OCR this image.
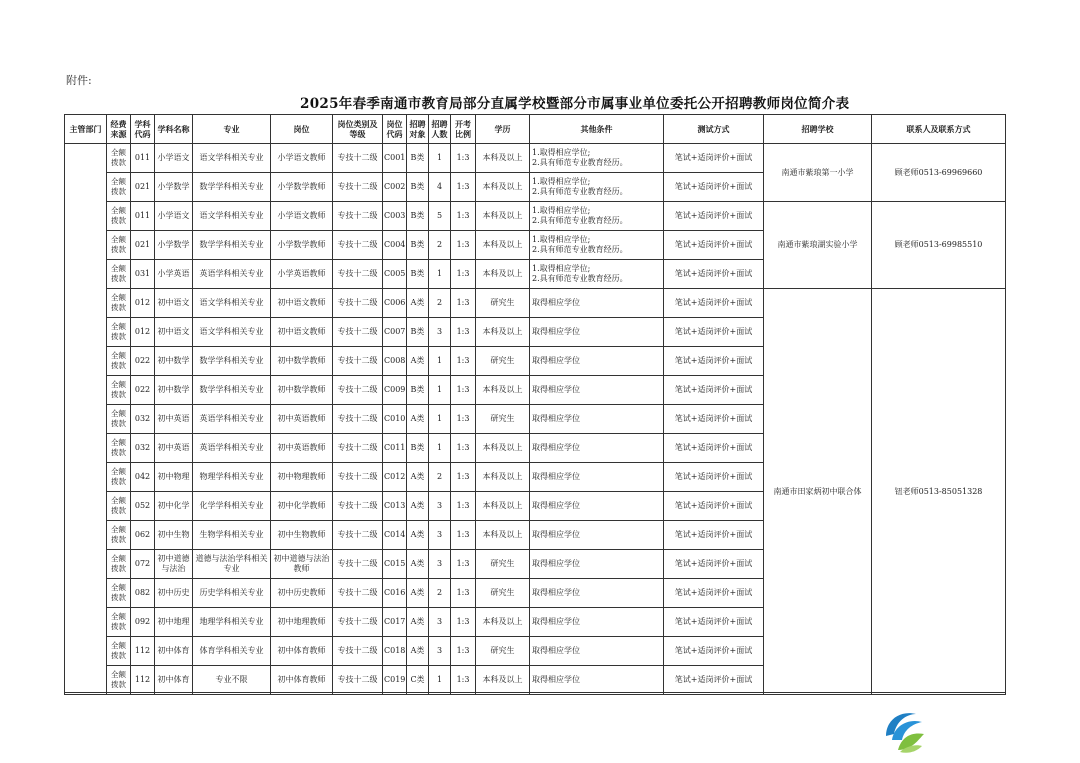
附件:
2025年春季南通市教育局部分直属学校暨部分市属事业单位委托公开招聘教师岗位简介表
主管部门	经费来源	学科代码	学科名称	专业	岗位	岗位类别及等级	岗位代码	招聘对象	招聘人数	开考比例	学历	其他条件	测试方式	招聘学校	联系人及联系方式
	全额拨款	011	小学语文	语文学科相关专业	小学语文教师	专技十二级	C001	B类	1	1:3	本科及以上	1.取得相应学位;
2.具有师范专业教育经历。	笔试+适岗评价+面试	南通市紫琅第一小学	顾老师0513-69969660
	全额拨款	021	小学数学	数学学科相关专业	小学数学教师	专技十二级	C002	B类	4	1:3	本科及以上	1.取得相应学位;
2.具有师范专业教育经历。	笔试+适岗评价+面试		
	全额拨款	011	小学语文	语文学科相关专业	小学语文教师	专技十二级	C003	B类	5	1:3	本科及以上	1.取得相应学位;
2.具有师范专业教育经历。	笔试+适岗评价+面试	南通市紫琅湖实验小学	顾老师0513-69985510
	全额拨款	021	小学数学	数学学科相关专业	小学数学教师	专技十二级	C004	B类	2	1:3	本科及以上	1.取得相应学位;
2.具有师范专业教育经历。	笔试+适岗评价+面试		
	全额拨款	031	小学英语	英语学科相关专业	小学英语教师	专技十二级	C005	B类	1	1:3	本科及以上	1.取得相应学位;
2.具有师范专业教育经历。	笔试+适岗评价+面试		
	全额拨款	012	初中语文	语文学科相关专业	初中语文教师	专技十二级	C006	A类	2	1:3	研究生	取得相应学位	笔试+适岗评价+面试	南通市田家炳初中联合体	钮老师0513-85051328
	全额拨款	012	初中语文	语文学科相关专业	初中语文教师	专技十二级	C007	B类	3	1:3	本科及以上	取得相应学位	笔试+适岗评价+面试		
	全额拨款	022	初中数学	数学学科相关专业	初中数学教师	专技十二级	C008	A类	1	1:3	研究生	取得相应学位	笔试+适岗评价+面试		
	全额拨款	022	初中数学	数学学科相关专业	初中数学教师	专技十二级	C009	B类	1	1:3	本科及以上	取得相应学位	笔试+适岗评价+面试		
	全额拨款	032	初中英语	英语学科相关专业	初中英语教师	专技十二级	C010	A类	1	1:3	研究生	取得相应学位	笔试+适岗评价+面试		
	全额拨款	032	初中英语	英语学科相关专业	初中英语教师	专技十二级	C011	B类	1	1:3	本科及以上	取得相应学位	笔试+适岗评价+面试		
	全额拨款	042	初中物理	物理学科相关专业	初中物理教师	专技十二级	C012	A类	2	1:3	本科及以上	取得相应学位	笔试+适岗评价+面试		
	全额拨款	052	初中化学	化学学科相关专业	初中化学教师	专技十二级	C013	A类	3	1:3	本科及以上	取得相应学位	笔试+适岗评价+面试		
	全额拨款	062	初中生物	生物学科相关专业	初中生物教师	专技十二级	C014	A类	3	1:3	本科及以上	取得相应学位	笔试+适岗评价+面试		
	全额拨款	072	初中道德与法治	道德与法治学科相关专业	初中道德与法治教师	专技十二级	C015	A类	3	1:3	研究生	取得相应学位	笔试+适岗评价+面试		
	全额拨款	082	初中历史	历史学科相关专业	初中历史教师	专技十二级	C016	A类	2	1:3	研究生	取得相应学位	笔试+适岗评价+面试		
	全额拨款	092	初中地理	地理学科相关专业	初中地理教师	专技十二级	C017	A类	3	1:3	本科及以上	取得相应学位	笔试+适岗评价+面试		
	全额拨款	112	初中体育	体育学科相关专业	初中体育教师	专技十二级	C018	A类	3	1:3	研究生	取得相应学位	笔试+适岗评价+面试		
	全额拨款	112	初中体育	专业不限	初中体育教师	专技十二级	C019	C类	1	1:3	本科及以上	取得相应学位	笔试+适岗评价+面试		
